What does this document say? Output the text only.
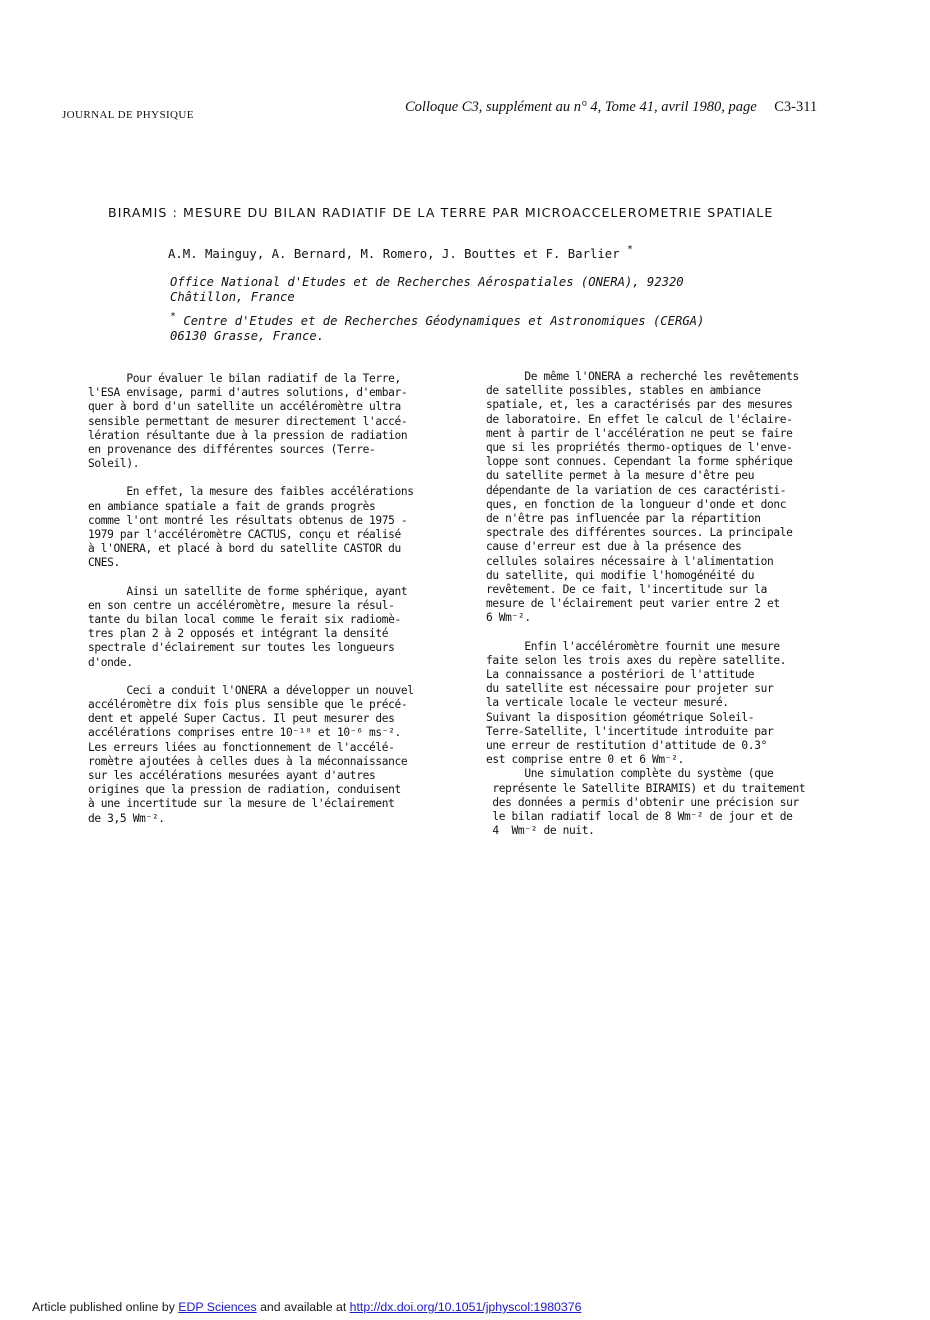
JOURNAL DE PHYSIQUE	Colloque C3, supplément au n° 4, Tome 41, avril 1980, page C3-311
BIRAMIS : MESURE DU BILAN RADIATIF DE LA TERRE PAR MICROACCELEROMETRIE SPATIALE
A.M. Mainguy, A. Bernard, M. Romero, J. Bouttes et F. Barlier *
Office National d'Etudes et de Recherches Aérospatiales (ONERA), 92320
Châtillon, France
* Centre d'Etudes et de Recherches Géodynamiques et Astronomiques (CERGA)
06130 Grasse, France.

Pour évaluer le bilan radiatif de la Terre,
l'ESA envisage, parmi d'autres solutions, d'embar-
quer à bord d'un satellite un accéléromètre ultra
sensible permettant de mesurer directement l'accé-
lération résultante due à la pression de radiation
en provenance des différentes sources (Terre-
Soleil).

En effet, la mesure des faibles accélérations
en ambiance spatiale a fait de grands progrès
comme l'ont montré les résultats obtenus de 1975 -
1979 par l'accéléromètre CACTUS, conçu et réalisé
à l'ONERA, et placé à bord du satellite CASTOR du
CNES.

Ainsi un satellite de forme sphérique, ayant
en son centre un accéléromètre, mesure la résul-
tante du bilan local comme le ferait six radiomè-
tres plan 2 à 2 opposés et intégrant la densité
spectrale d'éclairement sur toutes les longueurs
d'onde.

Ceci a conduit l'ONERA a développer un nouvel
accéléromètre dix fois plus sensible que le précé-
dent et appelé Super Cactus. Il peut mesurer des
accélérations comprises entre 10⁻¹⁰ et 10⁻⁶ ms⁻².
Les erreurs liées au fonctionnement de l'accélé-
romètre ajoutées à celles dues à la méconnaissance
sur les accélérations mesurées ayant d'autres
origines que la pression de radiation, conduisent
à une incertitude sur la mesure de l'éclairement
de 3,5 Wm⁻².

De même l'ONERA a recherché les revêtements
de satellite possibles, stables en ambiance
spatiale, et, les a caractérisés par des mesures
de laboratoire. En effet le calcul de l'éclaire-
ment à partir de l'accélération ne peut se faire
que si les propriétés thermo-optiques de l'enve-
loppe sont connues. Cependant la forme sphérique
du satellite permet à la mesure d'être peu
dépendante de la variation de ces caractéristi-
ques, en fonction de la longueur d'onde et donc
de n'être pas influencée par la répartition
spectrale des différentes sources. La principale
cause d'erreur est due à la présence des
cellules solaires nécessaire à l'alimentation
du satellite, qui modifie l'homogénéité du
revêtement. De ce fait, l'incertitude sur la
mesure de l'éclairement peut varier entre 2 et
6 Wm⁻².

Enfin l'accéléromètre fournit une mesure
faite selon les trois axes du repère satellite.
La connaissance a postériori de l'attitude
du satellite est nécessaire pour projeter sur
la verticale locale le vecteur mesuré.
Suivant la disposition géométrique Soleil-
Terre-Satellite, l'incertitude introduite par
une erreur de restitution d'attitude de 0.3°
est comprise entre 0 et 6 Wm⁻².
Une simulation complète du système (que
représente le Satellite BIRAMIS) et du traitement
des données a permis d'obtenir une précision sur
le bilan radiatif local de 8 Wm⁻² de jour et de
4  Wm⁻² de nuit.

Article published online by EDP Sciences and available at http://dx.doi.org/10.1051/jphyscol:1980376
